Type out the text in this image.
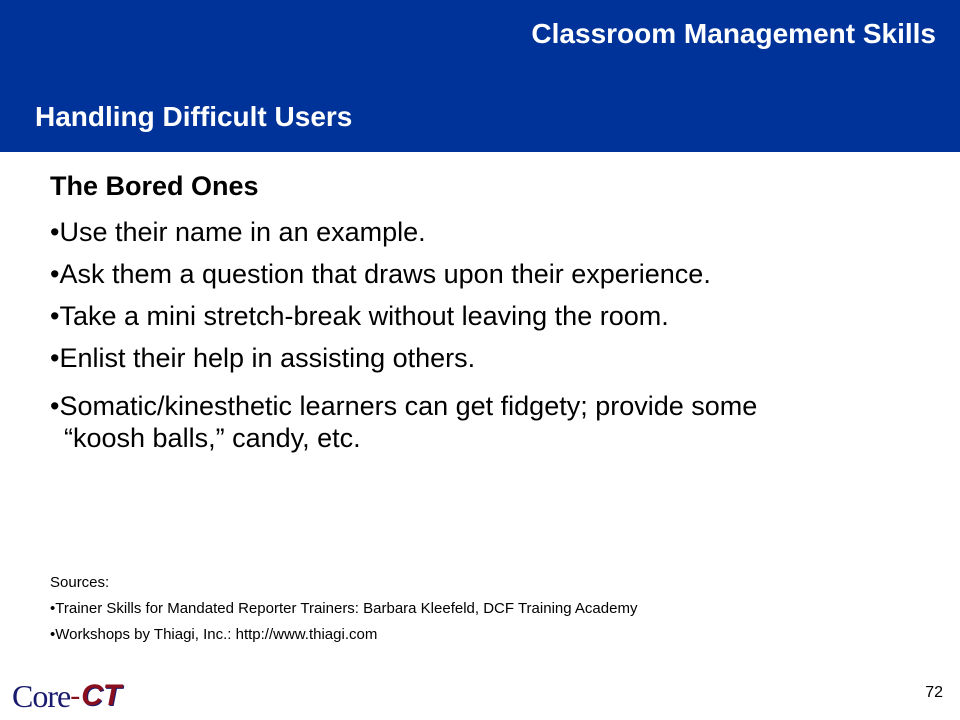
Classroom Management Skills
Handling Difficult Users
The Bored Ones
•Use their name in an example.
•Ask them a question that draws upon their experience.
•Take a mini stretch-break without leaving the room.
•Enlist their help in assisting others.
•Somatic/kinesthetic learners can get fidgety; provide some
“koosh balls,” candy, etc.
Sources:
•Trainer Skills for Mandated Reporter Trainers: Barbara Kleefeld, DCF Training Academy
•Workshops by Thiagi, Inc.: http://www.thiagi.com
Core - CT	72
